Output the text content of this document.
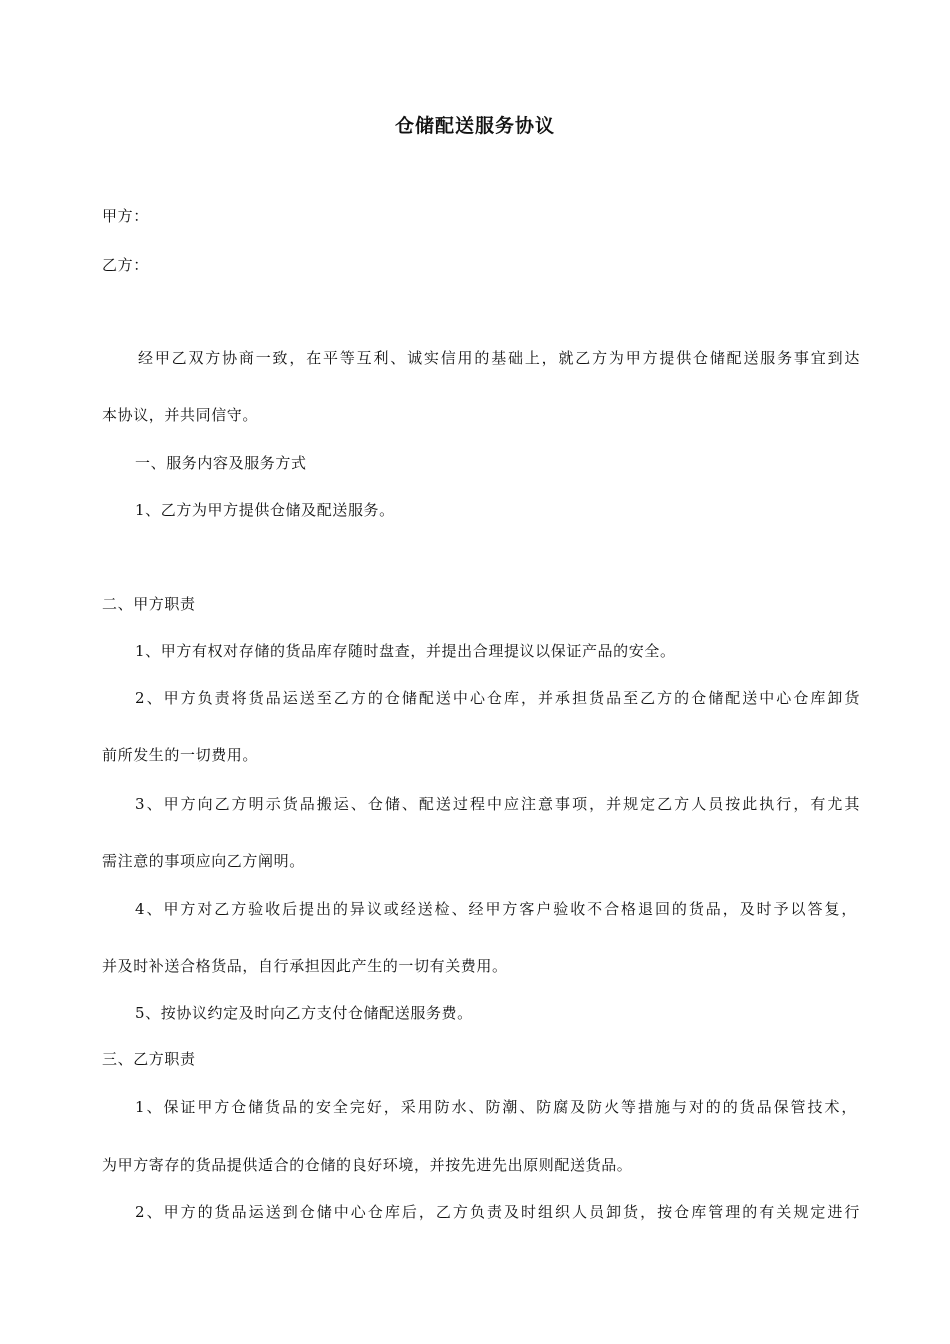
仓储配送服务协议
甲方：
乙方：
经甲乙双方协商一致，在平等互利、诚实信用的基础上，就乙方为甲方提供仓储配送服务事宜到达
本协议，并共同信守。
一、服务内容及服务方式
1、乙方为甲方提供仓储及配送服务。
二、甲方职责
1、甲方有权对存储的货品库存随时盘查，并提出合理提议以保证产品的安全。
2、甲方负责将货品运送至乙方的仓储配送中心仓库，并承担货品至乙方的仓储配送中心仓库卸货
前所发生的一切费用。
3、甲方向乙方明示货品搬运、仓储、配送过程中应注意事项，并规定乙方人员按此执行，有尤其
需注意的事项应向乙方阐明。
4、甲方对乙方验收后提出的异议或经送检、经甲方客户验收不合格退回的货品，及时予以答复，
并及时补送合格货品，自行承担因此产生的一切有关费用。
5、按协议约定及时向乙方支付仓储配送服务费。
三、乙方职责
1、保证甲方仓储货品的安全完好，采用防水、防潮、防腐及防火等措施与对的的货品保管技术，
为甲方寄存的货品提供适合的仓储的良好环境，并按先进先出原则配送货品。
2、甲方的货品运送到仓储中心仓库后，乙方负责及时组织人员卸货，按仓库管理的有关规定进行
